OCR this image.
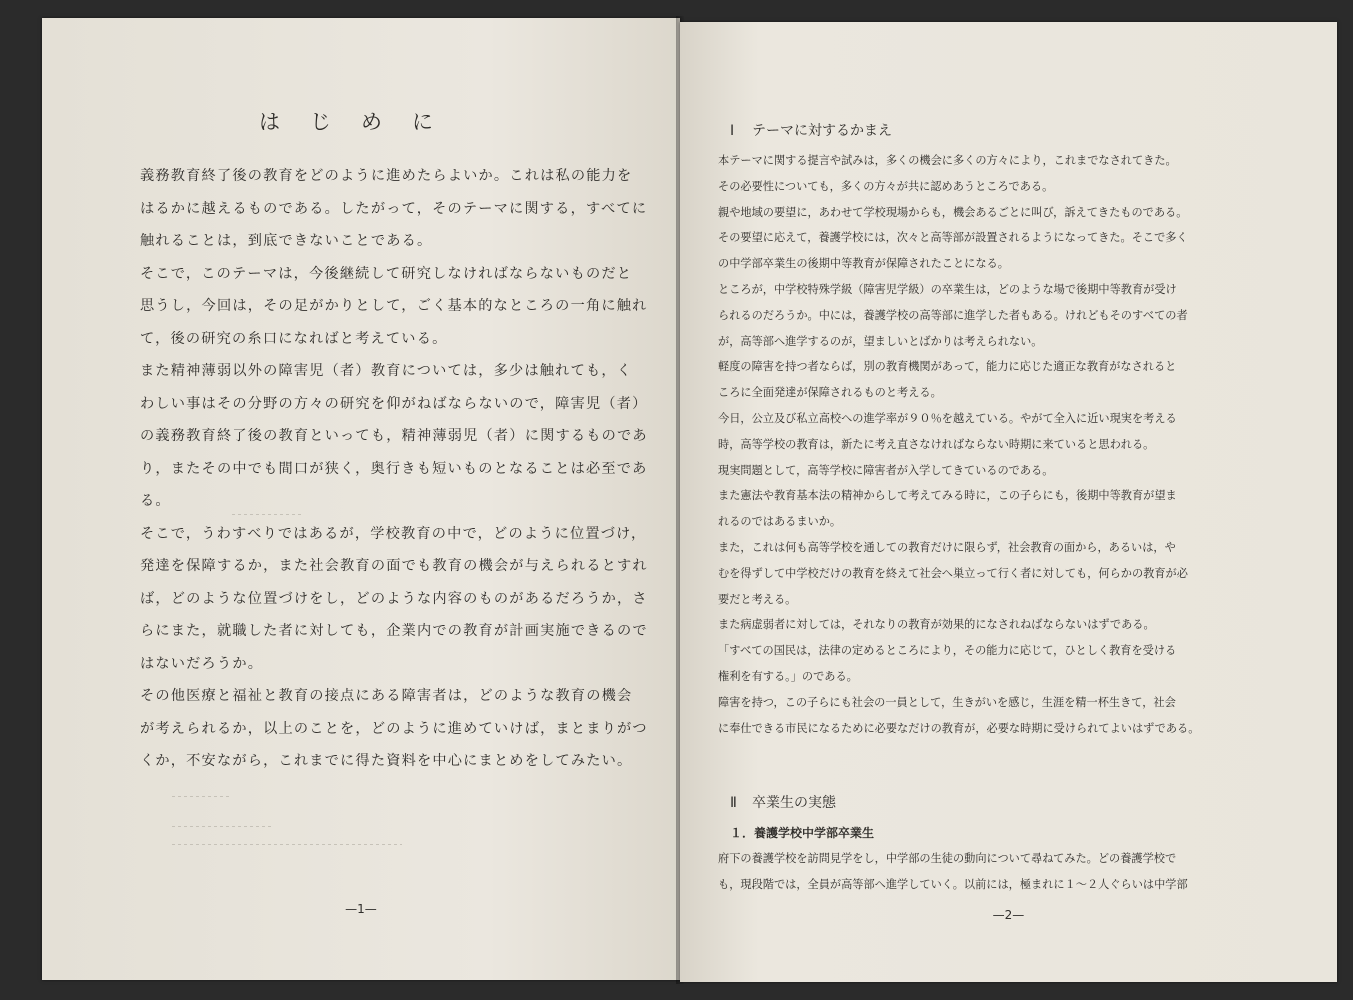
はじめに
義務教育終了後の教育をどのように進めたらよいか。これは私の能力を
はるかに越えるものである。したがって，そのテーマに関する，すべてに
触れることは，到底できないことである。
そこで，このテーマは，今後継続して研究しなければならないものだと
思うし，今回は，その足がかりとして，ごく基本的なところの一角に触れ
て，後の研究の糸口になればと考えている。
また精神薄弱以外の障害児（者）教育については，多少は触れても，く
わしい事はその分野の方々の研究を仰がねばならないので，障害児（者）
の義務教育終了後の教育といっても，精神薄弱児（者）に関するものであ
り，またその中でも間口が狭く，奥行きも短いものとなることは必至であ
る。
そこで，うわすべりではあるが，学校教育の中で，どのように位置づけ，
発達を保障するか，また社会教育の面でも教育の機会が与えられるとすれ
ば，どのような位置づけをし，どのような内容のものがあるだろうか，さ
らにまた，就職した者に対しても，企業内での教育が計画実施できるので
はないだろうか。
その他医療と福祉と教育の接点にある障害者は，どのような教育の機会
が考えられるか，以上のことを，どのように進めていけば，まとまりがつ
くか，不安ながら，これまでに得た資料を中心にまとめをしてみたい。
—1—
Ⅰ テーマに対するかまえ
本テーマに関する提言や試みは，多くの機会に多くの方々により，これまでなされてきた。
その必要性についても，多くの方々が共に認めあうところである。
親や地域の要望に，あわせて学校現場からも，機会あるごとに叫び，訴えてきたものである。
その要望に応えて，養護学校には，次々と高等部が設置されるようになってきた。そこで多く
の中学部卒業生の後期中等教育が保障されたことになる。
ところが，中学校特殊学級（障害児学級）の卒業生は，どのような場で後期中等教育が受け
られるのだろうか。中には，養護学校の高等部に進学した者もある。けれどもそのすべての者
が，高等部へ進学するのが，望ましいとばかりは考えられない。
軽度の障害を持つ者ならば，別の教育機関があって，能力に応じた適正な教育がなされると
ころに全面発達が保障されるものと考える。
今日，公立及び私立高校への進学率が９０％を越えている。やがて全入に近い現実を考える
時，高等学校の教育は，新たに考え直さなければならない時期に来ていると思われる。
現実問題として，高等学校に障害者が入学してきているのである。
また憲法や教育基本法の精神からして考えてみる時に，この子らにも，後期中等教育が望ま
れるのではあるまいか。
また，これは何も高等学校を通しての教育だけに限らず，社会教育の面から，あるいは，や
むを得ずして中学校だけの教育を終えて社会へ巣立って行く者に対しても，何らかの教育が必
要だと考える。
また病虚弱者に対しては，それなりの教育が効果的になされねばならないはずである。
「すべての国民は，法律の定めるところにより，その能力に応じて，ひとしく教育を受ける
権利を有する。」のである。
障害を持つ，この子らにも社会の一員として，生きがいを感じ，生涯を精一杯生きて，社会
に奉仕できる市民になるために必要なだけの教育が，必要な時期に受けられてよいはずである。
Ⅱ 卒業生の実態
１．養護学校中学部卒業生
府下の養護学校を訪問見学をし，中学部の生徒の動向について尋ねてみた。どの養護学校で
も，現段階では，全員が高等部へ進学していく。以前には，極まれに１〜２人ぐらいは中学部
—2—
